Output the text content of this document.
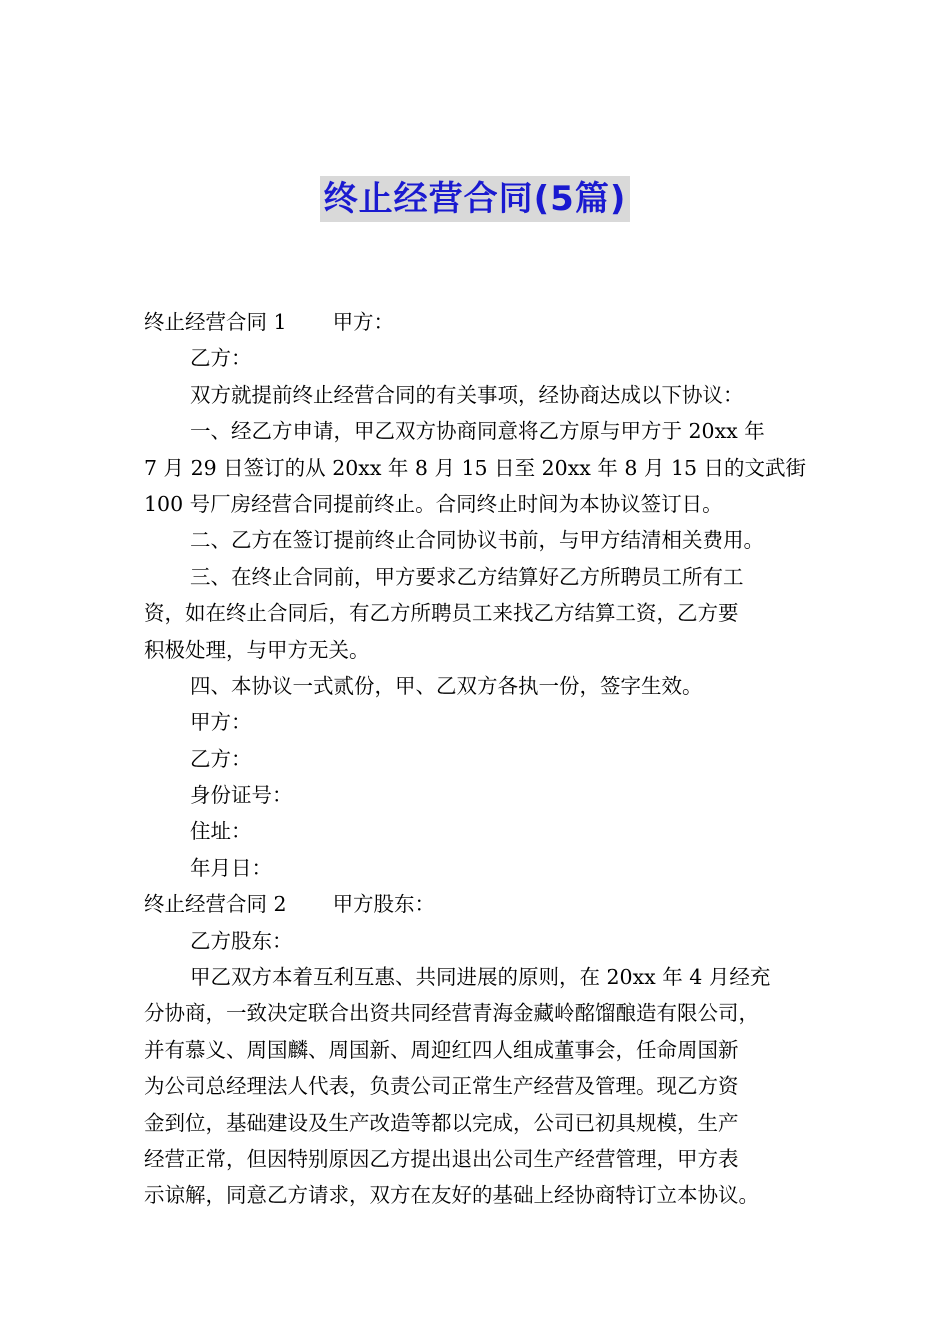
终止经营合同(5篇)
终止经营合同 1 甲方：
乙方：
双方就提前终止经营合同的有关事项，经协商达成以下协议：
一、经乙方申请，甲乙双方协商同意将乙方原与甲方于 20xx 年
7 月 29 日签订的从 20xx 年 8 月 15 日至 20xx 年 8 月 15 日的文武街
100 号厂房经营合同提前终止。合同终止时间为本协议签订日。
二、乙方在签订提前终止合同协议书前，与甲方结清相关费用。
三、在终止合同前，甲方要求乙方结算好乙方所聘员工所有工
资，如在终止合同后，有乙方所聘员工来找乙方结算工资，乙方要
积极处理，与甲方无关。
四、本协议一式贰份，甲、乙双方各执一份，签字生效。
甲方：
乙方：
身份证号：
住址：
年月日：
终止经营合同 2 甲方股东：
乙方股东：
甲乙双方本着互利互惠、共同进展的原则，在 20xx 年 4 月经充
分协商，一致决定联合出资共同经营青海金藏岭酩馏酿造有限公司，
并有慕义、周国麟、周国新、周迎红四人组成董事会，任命周国新
为公司总经理法人代表，负责公司正常生产经营及管理。现乙方资
金到位，基础建设及生产改造等都以完成，公司已初具规模，生产
经营正常，但因特别原因乙方提出退出公司生产经营管理，甲方表
示谅解，同意乙方请求，双方在友好的基础上经协商特订立本协议。
